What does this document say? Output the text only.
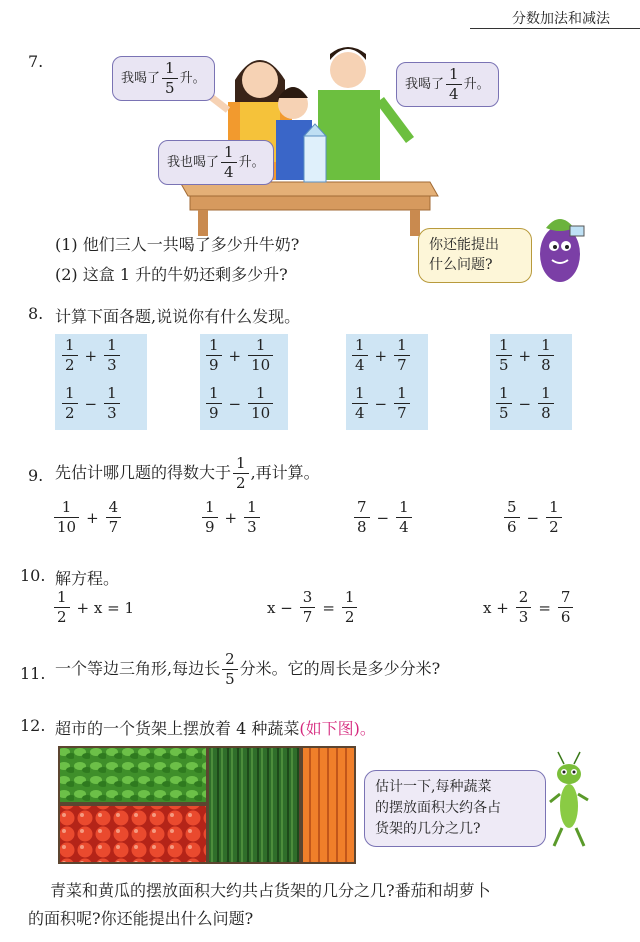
分数加法和减法
7.
我喝了 $\frac{1}{5}$ 升。	我喝了 $\frac{1}{4}$ 升。
我也喝了 $\frac{1}{4}$ 升。
(1) 他们三人一共喝了多少升牛奶?
(2) 这盒 1 升的牛奶还剩多少升?
你还能提出
什么问题?
8. 计算下面各题,说说你有什么发现。
$\frac{1}{2} + \frac{1}{3}$
$\frac{1}{2} - \frac{1}{3}$
$\frac{1}{9} + \frac{1}{10}$
$\frac{1}{9} - \frac{1}{10}$
$\frac{1}{4} + \frac{1}{7}$
$\frac{1}{4} - \frac{1}{7}$
$\frac{1}{5} + \frac{1}{8}$
$\frac{1}{5} - \frac{1}{8}$
9. 先估计哪几题的得数大于 $\frac{1}{2}$ ,再计算。
$\frac{1}{10} + \frac{4}{7}$	$\frac{1}{9} + \frac{1}{3}$	$\frac{7}{8} - \frac{1}{4}$	$\frac{5}{6} - \frac{1}{2}$
10. 解方程。
$\frac{1}{2} + x = 1$	$x - \frac{3}{7} = \frac{1}{2}$	$x + \frac{2}{3} = \frac{7}{6}$
11. 一个等边三角形,每边长 $\frac{2}{5}$ 分米。它的周长是多少分米?
12. 超市的一个货架上摆放着 4 种蔬菜(如下图)。
估计一下,每种蔬菜
的摆放面积大约各占
货架的几分之几?
青菜和黄瓜的摆放面积大约共占货架的几分之几?番茄和胡萝卜
的面积呢?你还能提出什么问题?
